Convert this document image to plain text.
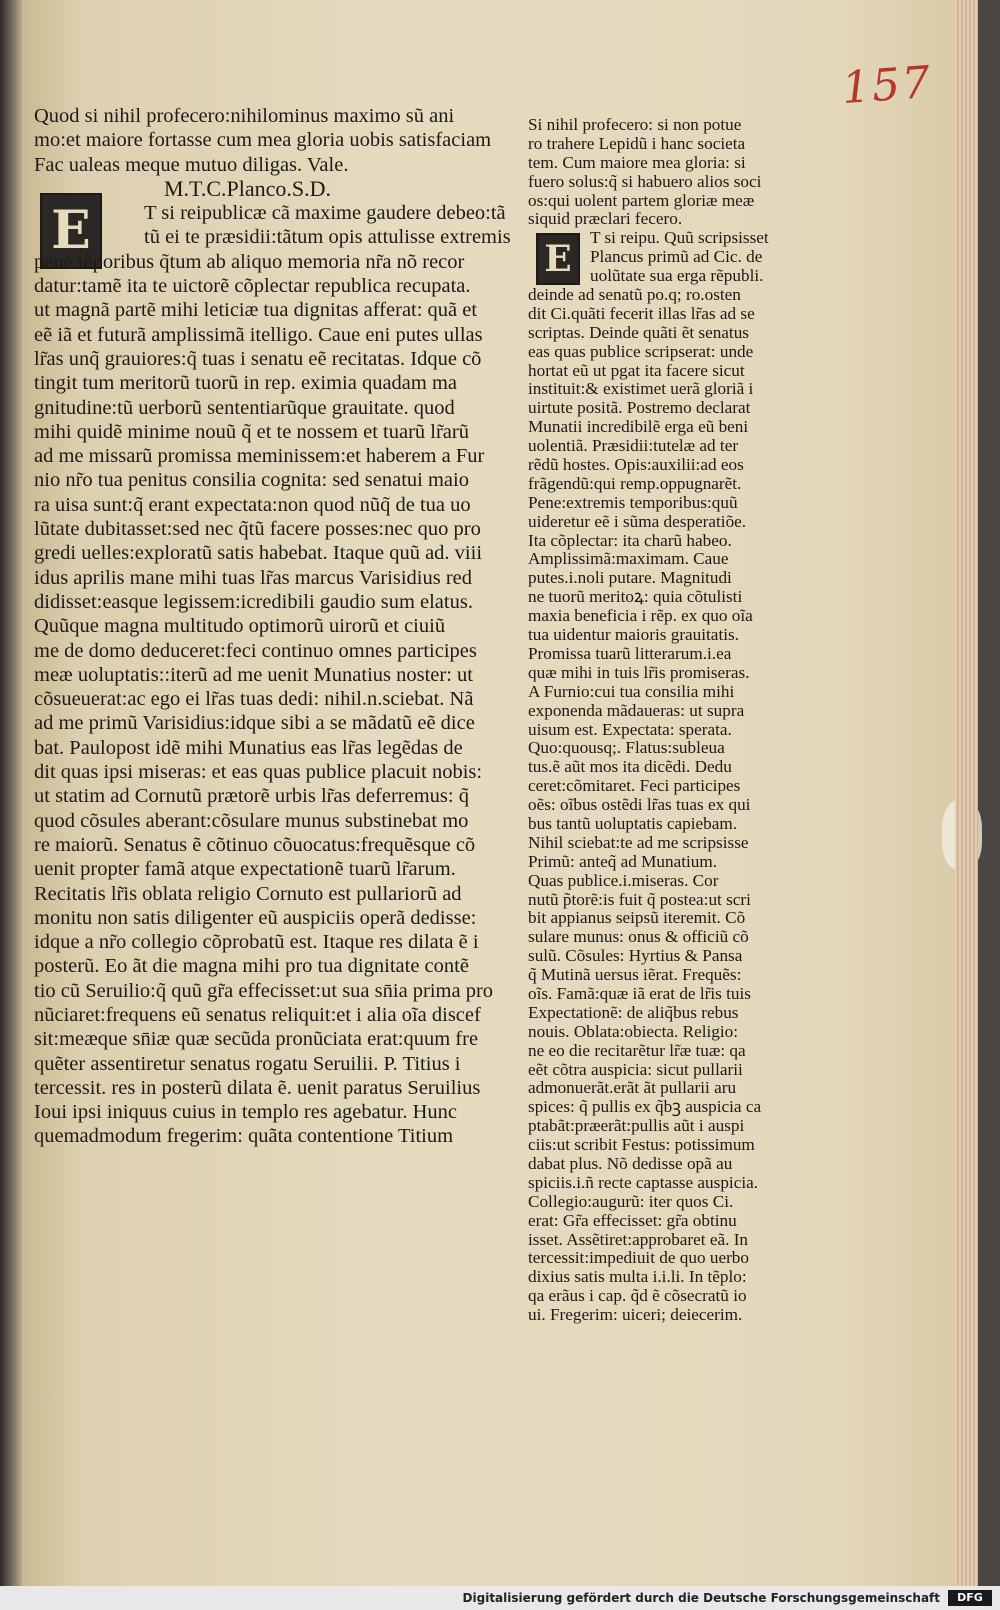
157
E	E
Quod si nihil profecero:nihilominus maximo sũ ani
mo:et maiore fortasse cum mea gloria uobis satisfaciam
Fac ualeas meque mutuo diligas. Vale.
M.T.C.Planco.S.D.
T si reipublicæ cã maxime gaudere debeo:tã
tũ ei te præsidii:tãtum opis attulisse extremis
pene tẽporibus q̃tum ab aliquo memoria nr̃a nõ recor
datur:tamẽ ita te uictorẽ cõplectar republica recupata.
ut magnã partẽ mihi leticiæ tua dignitas afferat: quã et
eẽ iã et futurã amplissimã itelligo. Caue eni putes ullas
lr̃as unq̃ grauiores:q̃ tuas i senatu eẽ recitatas. Idque cõ
tingit tum meritorũ tuorũ in rep. eximia quadam ma
gnitudine:tũ uerborũ sententiarũque grauitate. quod
mihi quidẽ minime nouũ q̃ et te nossem et tuarũ lr̃arũ
ad me missarũ promissa meminissem:et haberem a Fur
nio nr̃o tua penitus consilia cognita: sed senatui maio
ra uisa sunt:q̃ erant expectata:non quod nũq̃ de tua uo
lũtate dubitasset:sed nec q̃tũ facere posses:nec quo pro
gredi uelles:exploratũ satis habebat. Itaque quũ ad. viii
idus aprilis mane mihi tuas lr̃as marcus Varisidius red
didisset:easque legissem:icredibili gaudio sum elatus.
Quũque magna multitudo optimorũ uirorũ et ciuiũ
me de domo deduceret:feci continuo omnes participes
meæ uoluptatis::iterũ ad me uenit Munatius noster: ut
cõsueuerat:ac ego ei lr̃as tuas dedi: nihil.n.sciebat. Nã
ad me primũ Varisidius:idque sibi a se mãdatũ eẽ dice
bat. Paulopost idẽ mihi Munatius eas lr̃as legẽdas de
dit quas ipsi miseras: et eas quas publice placuit nobis:
ut statim ad Cornutũ prætorẽ urbis lr̃as deferremus: q̃
quod cõsules aberant:cõsulare munus substinebat mo
re maiorũ. Senatus ẽ cõtinuo cõuocatus:frequẽsque cõ
uenit propter famã atque expectationẽ tuarũ lr̃arum.
Recitatis lr̃is oblata religio Cornuto est pullariorũ ad
monitu non satis diligenter eũ auspiciis operã dedisse:
idque a nr̃o collegio cõprobatũ est. Itaque res dilata ẽ i
posterũ. Eo ãt die magna mihi pro tua dignitate contẽ
tio cũ Seruilio:q̃ quũ gr̃a effecisset:ut sua sn̄ia prima pro
nũciaret:frequens eũ senatus reliquit:et i alia oĩa discef
sit:meæque sn̄iæ quæ secũda pronũciata erat:quum fre
quẽter assentiretur senatus rogatu Seruilii. P. Titius i
tercessit. res in posterũ dilata ẽ. uenit paratus Seruilius
Ioui ipsi iniquus cuius in templo res agebatur. Hunc
quemadmodum fregerim: quãta contentione Titium
Si nihil profecero: si non potue
ro trahere Lepidũ i hanc societa
tem. Cum maiore mea gloria: si
fuero solus:q̃ si habuero alios soci
os:qui uolent partem gloriæ meæ
siquid præclari fecero.
T si reipu. Quũ scripsisset
Plancus primũ ad Cic. de
uolũtate sua erga rẽpubli.
deinde ad senatũ po.q; ro.osten
dit Ci.quãti fecerit illas lr̃as ad se
scriptas. Deinde quãti ẽt senatus
eas quas publice scripserat: unde
hortat eũ ut pgat ita facere sicut
instituit:& existimet uerã gloriã i
uirtute positã. Postremo declarat
Munatii incredibilẽ erga eũ beni
uolentiã. Præsidii:tutelæ ad ter
rẽdũ hostes. Opis:auxilii:ad eos
frãgendũ:qui remp.oppugnarẽt.
Pene:extremis temporibus:quũ
uideretur eẽ i sũma desperatiõe.
Ita cõplectar: ita charũ habeo.
Amplissimã:maximam. Caue
putes.i.noli putare. Magnitudi
ne tuorũ meritoꝝ: quia cõtulisti
maxia beneficia i rẽp. ex quo oĩa
tua uidentur maioris grauitatis.
Promissa tuarũ litterarum.i.ea
quæ mihi in tuis lr̃is promiseras.
A Furnio:cui tua consilia mihi
exponenda mãdaueras: ut supra
uisum est. Expectata: sperata.
Quo:quousq;. Flatus:subleua
tus.ẽ aũt mos ita dicẽdi. Dedu
ceret:cõmitaret. Feci participes
oẽs: oĩbus ostẽdi lr̃as tuas ex qui
bus tantũ uoluptatis capiebam.
Nihil sciebat:te ad me scripsisse
Primũ: anteq̃ ad Munatium.
Quas publice.i.miseras. Cor
nutũ p̃torẽ:is fuit q̃ postea:ut scri
bit appianus seipsũ iteremit. Cõ
sulare munus: onus & officiũ cõ
sulũ. Cõsules: Hyrtius & Pansa
q̃ Mutinã uersus iẽrat. Frequẽs:
oĩs. Famã:quæ iã erat de lr̃is tuis
Expectationẽ: de aliq̃bus rebus
nouis. Oblata:obiecta. Religio:
ne eo die recitarẽtur lr̃æ tuæ: qa
eẽt cõtra auspicia: sicut pullarii
admonuerãt.erãt ãt pullarii aru
spices: q̃ pullis ex q̃bꝫ auspicia ca
ptabãt:præerãt:pullis aũt i auspi
ciis:ut scribit Festus: potissimum
dabat plus. Nõ dedisse opã au
spiciis.i.ñ recte captasse auspicia.
Collegio:augurũ: iter quos Ci.
erat: Gr̃a effecisset: gr̃a obtinu
isset. Assẽtiret:approbaret eã. In
tercessit:impediuit de quo uerbo
dixius satis multa i.i.li. In tẽplo:
qa erãus i cap. q̃d ẽ cõsecratũ io
ui. Fregerim: uiceri; deiecerim.
Digitalisierung gefördert durch die Deutsche Forschungsgemeinschaft	DFG
